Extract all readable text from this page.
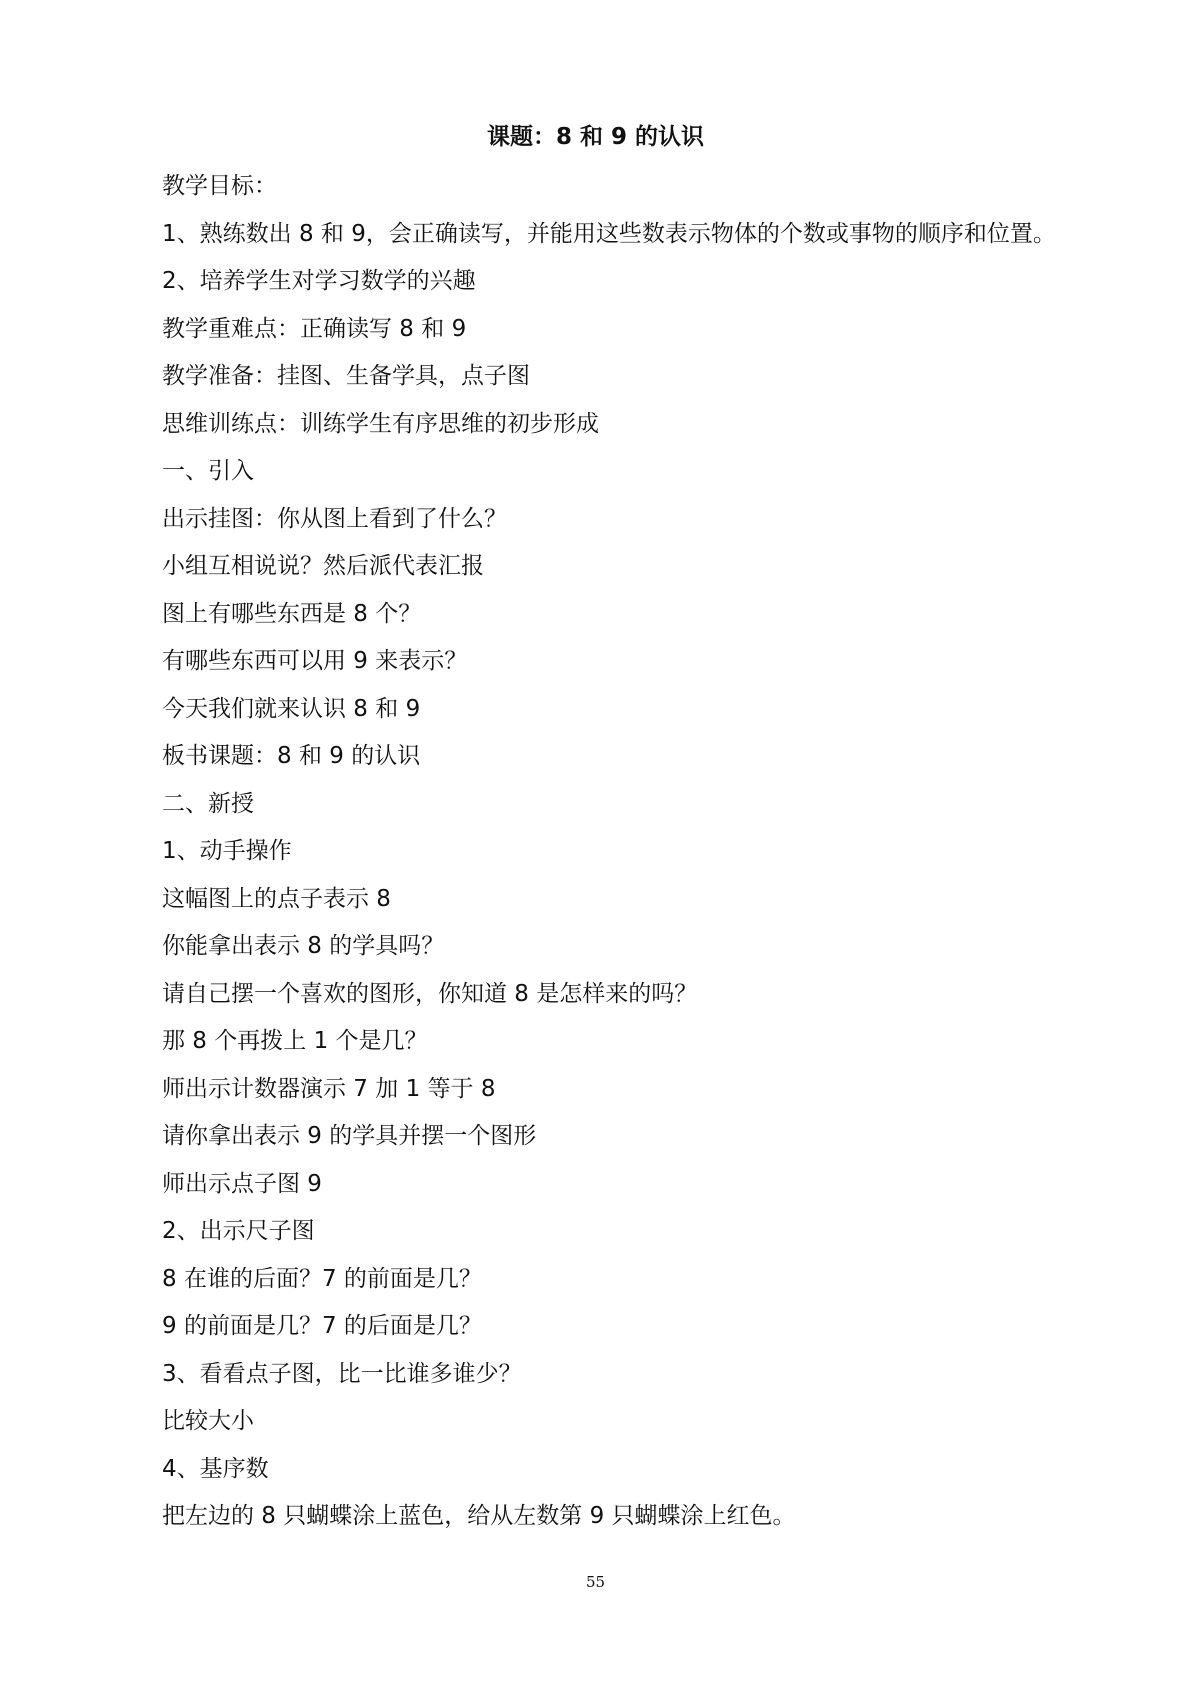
课题：8 和 9 的认识
教学目标：
1、熟练数出 8 和 9，会正确读写，并能用这些数表示物体的个数或事物的顺序和位置。
2、培养学生对学习数学的兴趣
教学重难点：正确读写 8 和 9
教学准备：挂图、生备学具，点子图
思维训练点：训练学生有序思维的初步形成
一、引入
出示挂图：你从图上看到了什么？
小组互相说说？然后派代表汇报
图上有哪些东西是 8 个？
有哪些东西可以用 9 来表示？
今天我们就来认识 8 和 9
板书课题：8 和 9 的认识
二、新授
1、动手操作
这幅图上的点子表示 8
你能拿出表示 8 的学具吗？
请自己摆一个喜欢的图形，你知道 8 是怎样来的吗？
那 8 个再拨上 1 个是几？
师出示计数器演示 7 加 1 等于 8
请你拿出表示 9 的学具并摆一个图形
师出示点子图 9
2、出示尺子图
8 在谁的后面？7 的前面是几？
9 的前面是几？7 的后面是几？
3、看看点子图，比一比谁多谁少？
比较大小
4、基序数
把左边的 8 只蝴蝶涂上蓝色，给从左数第 9 只蝴蝶涂上红色。
55
